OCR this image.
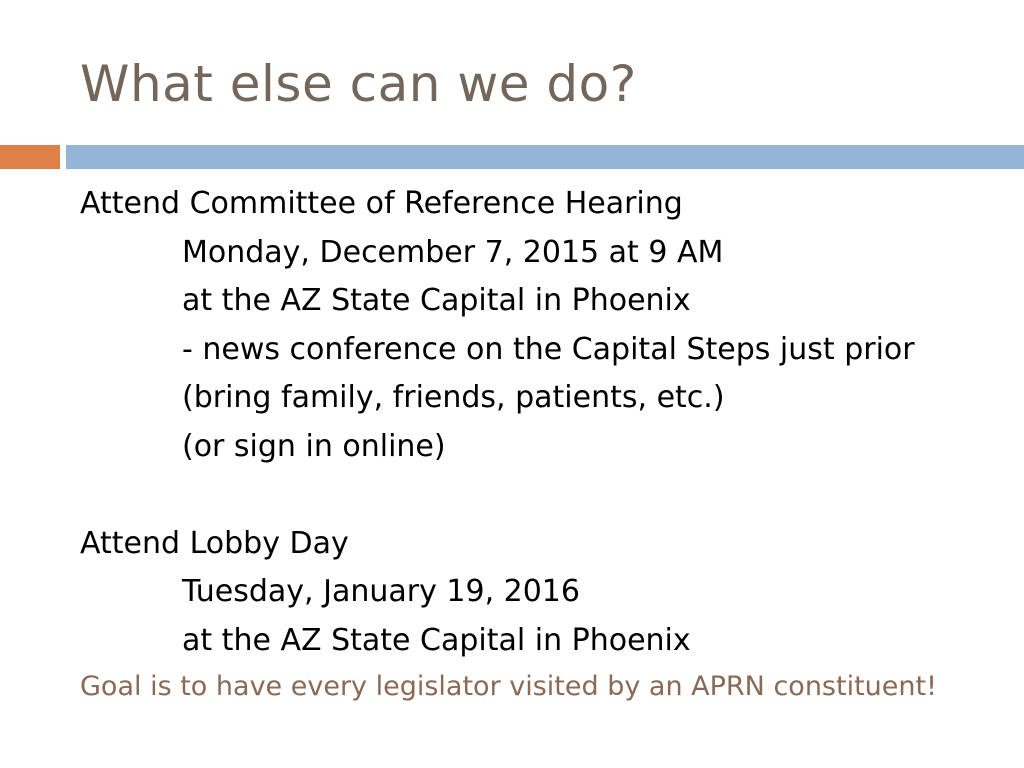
What else can we do?
Attend Committee of Reference Hearing
Monday, December 7, 2015 at 9 AM
at the AZ State Capital in Phoenix
- news conference on the Capital Steps just prior
(bring family, friends, patients, etc.)
(or sign in online)
Attend Lobby Day
Tuesday, January 19, 2016
at the AZ State Capital in Phoenix
Goal is to have every legislator visited by an APRN constituent!
